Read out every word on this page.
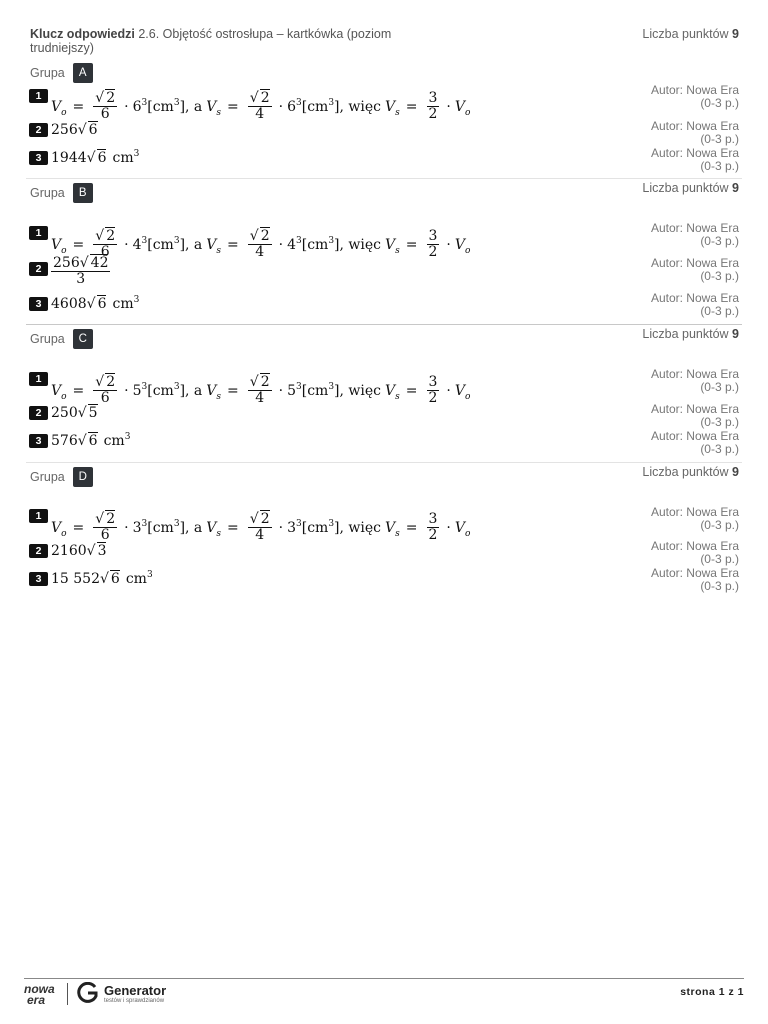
Klucz odpowiedzi 2.6. Objętość ostrosłupa – kartkówka (poziom trudniejszy)
Liczba punktów 9
Grupa	A
1
$V_o = \frac{√ 2}{6} \cdot 6^3$ $[cm^3]$ , a $V_s = \frac{√ 2}{4} \cdot 6^3$ $[cm^3]$ , więc $V_s = \frac{3}{2} \cdot V_o$
Autor: Nowa Era
(0-3 p.)
2 256 √ 6	Autor: Nowa Era
(0-3 p.)
3 1944 √ 6 $cm^3$	Autor: Nowa Era
(0-3 p.)
Grupa	B	Liczba punktów 9
1
$V_o = \frac{√ 2}{6} \cdot 4^3$ $[cm^3]$ , a $V_s = \frac{√ 2}{4} \cdot 4^3$ $[cm^3]$ , więc $V_s = \frac{3}{2} \cdot V_o$
Autor: Nowa Era
(0-3 p.)
$2 \frac{256√ 42}{3}$	Autor: Nowa Era
(0-3 p.)
3 4608 √ 6 $cm^3$	Autor: Nowa Era
(0-3 p.)
Grupa	C	Liczba punktów 9
1
$V_o = \frac{√ 2}{6} \cdot 5^3$ $[cm^3]$ , a $V_s = \frac{√ 2}{4} \cdot 5^3$ $[cm^3]$ , więc $V_s = \frac{3}{2} \cdot V_o$
Autor: Nowa Era
(0-3 p.)
2 250 √ 5	Autor: Nowa Era
(0-3 p.)
3 576 √ 6 $cm^3$	Autor: Nowa Era
(0-3 p.)
Grupa	D	Liczba punktów 9
1
$V_o = \frac{√ 2}{6} \cdot 3^3$ $[cm^3]$ , a $V_s = \frac{√ 2}{4} \cdot 3^3$ $[cm^3]$ , więc $V_s = \frac{3}{2} \cdot V_o$
Autor: Nowa Era
(0-3 p.)
2 2160 √ 3	Autor: Nowa Era
(0-3 p.)
3 15 552 √ 6 $cm^3$	Autor: Nowa Era
(0-3 p.)
nowa
era
Generator
testów i sprawdzianów
strona 1 z 1
